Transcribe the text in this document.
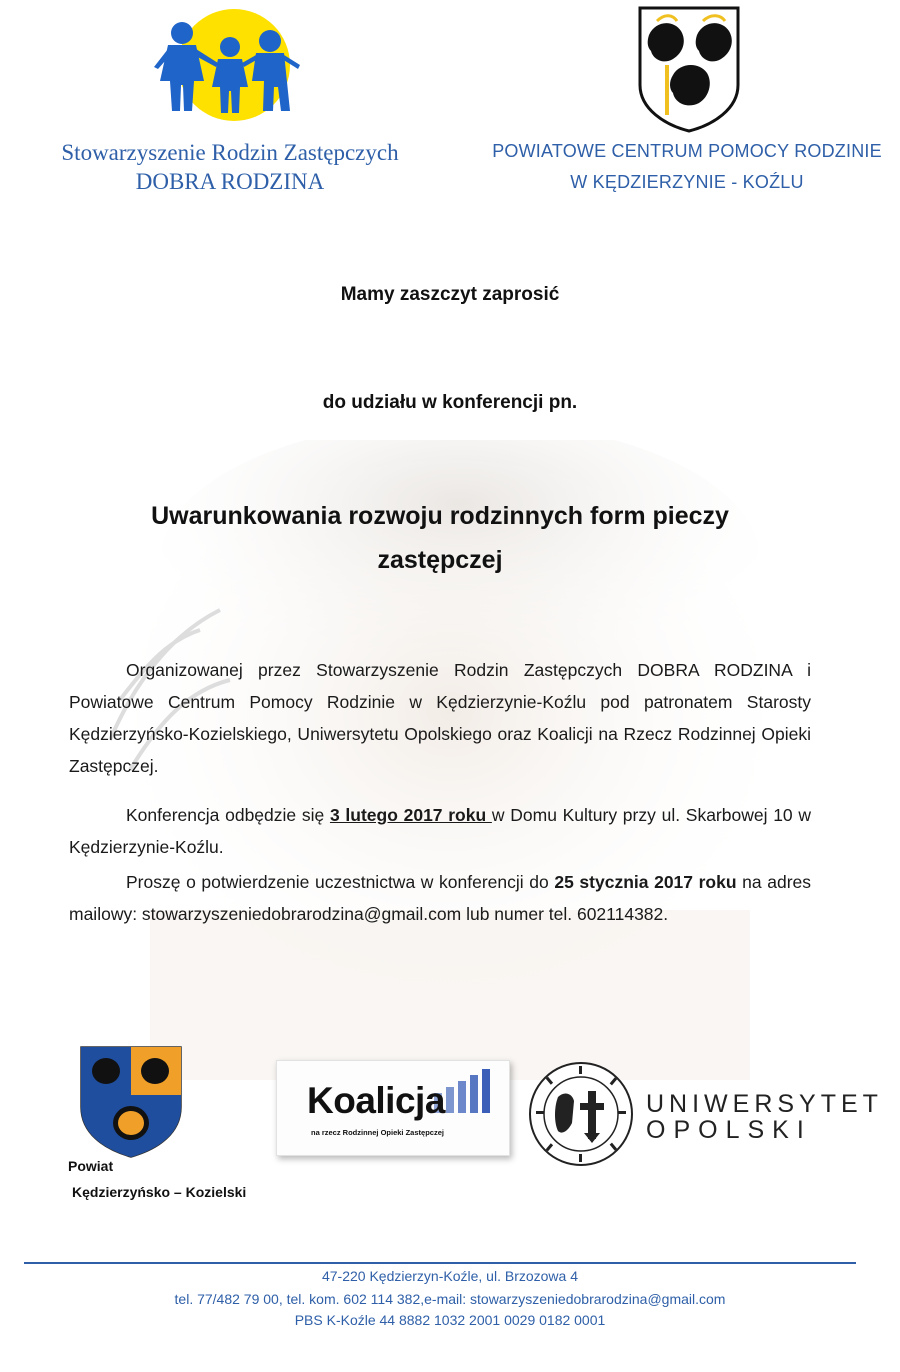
Stowarzyszenie Rodzin Zastępczych
DOBRA RODZINA
POWIATOWE CENTRUM POMOCY RODZINIE
W KĘDZIERZYNIE - KOŹLU
Mamy zaszczyt zaprosić
do udziału w konferencji pn.
Uwarunkowania rozwoju rodzinnych form pieczy
zastępczej
Organizowanej przez Stowarzyszenie Rodzin Zastępczych DOBRA RODZINA i Powiatowe Centrum Pomocy Rodzinie w Kędzierzynie-Koźlu pod patronatem Starosty Kędzierzyńsko-Kozielskiego, Uniwersytetu Opolskiego oraz Koalicji na Rzecz Rodzinnej Opieki Zastępczej.
Konferencja odbędzie się 3 lutego 2017 roku w Domu Kultury przy ul. Skarbowej 10 w Kędzierzynie-Koźlu.
Proszę o potwierdzenie uczestnictwa w konferencji do 25 stycznia 2017 roku na adres mailowy: stowarzyszeniedobrarodzina@gmail.com lub numer tel. 602114382.
Powiat
Kędzierzyńsko – Kozielski
Koalicja
na rzecz Rodzinnej Opieki Zastępczej
UNIWERSYTET
OPOLSKI
47-220 Kędzierzyn-Koźle, ul. Brzozowa 4
tel. 77/482 79 00, tel. kom. 602 114 382,e-mail: stowarzyszeniedobrarodzina@gmail.com
PBS K-Koźle 44 8882 1032 2001 0029 0182 0001
